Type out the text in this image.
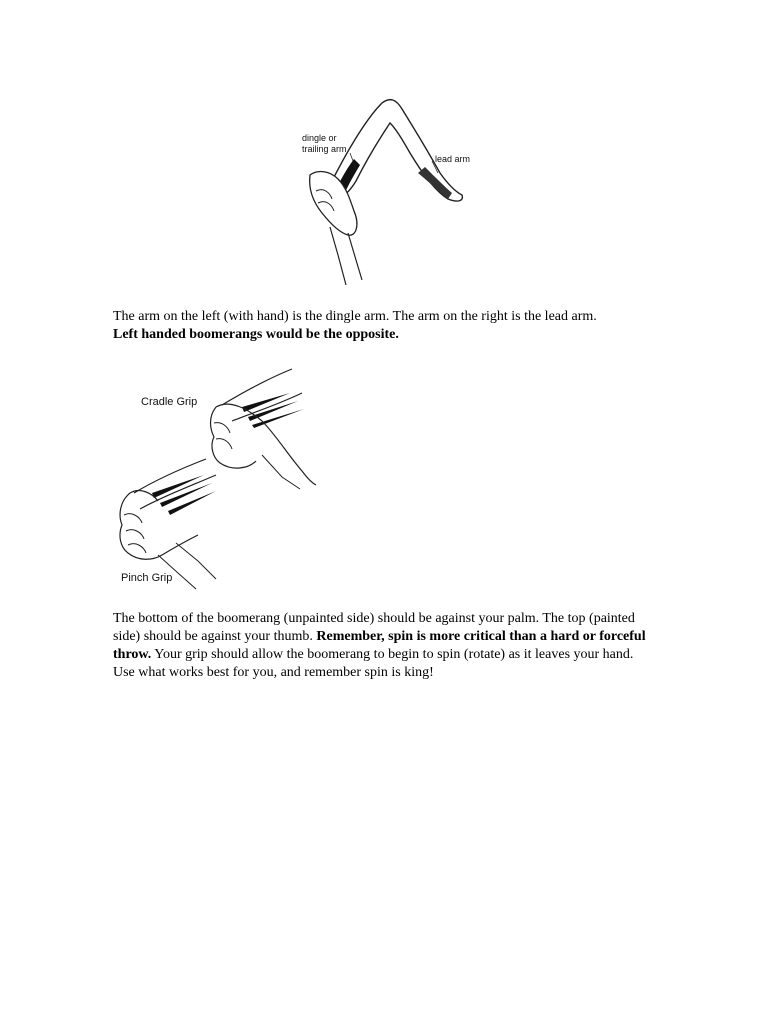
dingle or trailing arm
lead arm
The arm on the left (with hand) is the dingle arm. The arm on the right is the lead arm.
Left handed boomerangs would be the opposite.
Cradle Grip
Pinch Grip
The bottom of the boomerang (unpainted side) should be against your palm. The top (painted side) should be against your thumb. Remember, spin is more critical than a hard or forceful throw. Your grip should allow the boomerang to begin to spin (rotate) as it leaves your hand. Use what works best for you, and remember spin is king!
